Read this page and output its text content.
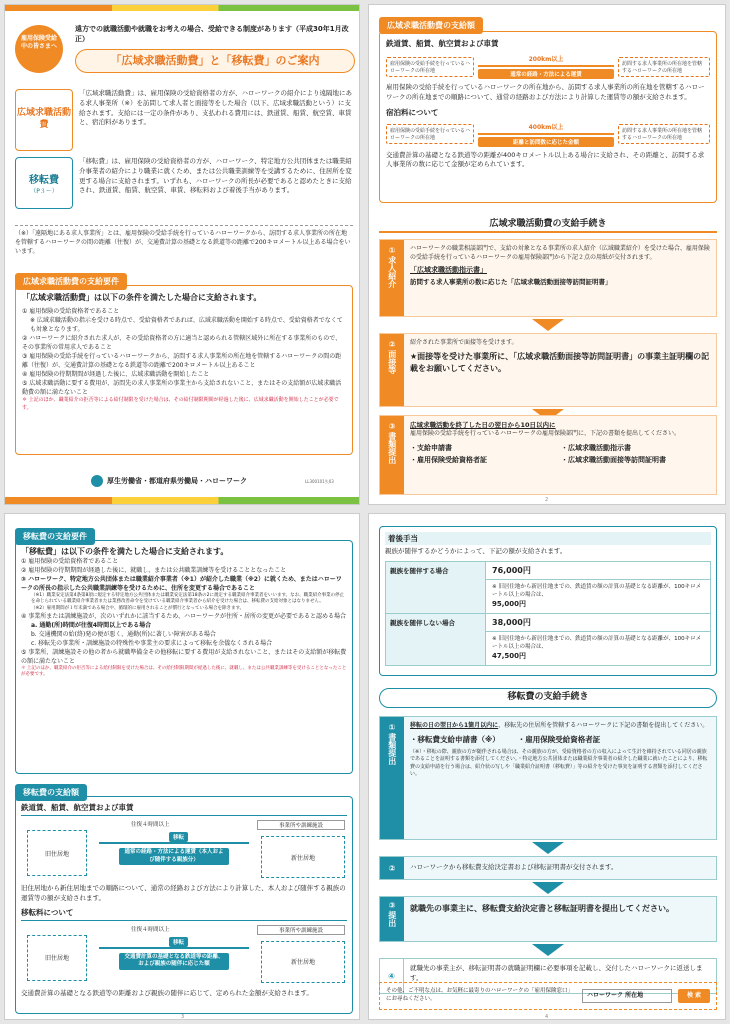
雇用保険受給中の皆さまへ
遠方での就職活動や就職をお考えの場合、受給できる制度があります（平成30年1月改正）
「広域求職活動費」と「移転費」のご案内
広域求職活動費
「広域求職活動費」は、雇用保険の受給資格者の方が、ハローワークの紹介により遠隔地にある求人事業所（※）を訪問して求人者と面接等をした場合（以下、広域求職活動という）に支給されます。支給には一定の条件があり、支払われる費用には、鉄道賃、船賃、航空賃、車賃と、宿泊料があります。
移転費
（P３～）
「移転費」は、雇用保険の受給資格者の方が、ハローワーク、特定地方公共団体または職業紹介事業者の紹介により職業に就くため、または公共職業訓練等を受講するために、住居所を変更する場合に支給されます。いずれも、ハローワークの所長が必要であると認めたときに支給され、鉄道賃、船賃、航空賃、車賃、移転料および着後手当があります。
（※）「遠隔地にある求人事業所」とは、雇用保険の受給手続を行っているハローワークから、訪問する求人事業所の所在地を管轄するハローワークの間の距離（往復）が、交通費計算の基礎となる鉄道等の距離で200キロメートル以上ある場合をいいます。
広域求職活動費の支給要件
「広域求職活動費」は以下の条件を満たした場合に支給されます。
① 雇用保険の受給資格者であること
※ 広域求職活動の指示を受ける時点で、受給資格者であれば、広域求職活動を開始する時点で、受給資格者でなくても対象となります。
② ハローワークに紹介された求人が、その受給資格者の方に適当と認められる管轄区域外に所在する事業所のもので、その事業所の常用求人であること
③ 雇用保険の受給手続を行っているハローワークから、訪問する求人事業所の所在地を管轄するハローワークの間の距離（往復）が、交通費計算の基礎となる鉄道等の距離で200キロメートル以上あること
④ 雇用保険の待期期間が経過した後に、広域求職活動を開始したこと
⑤ 広域求職活動に要する費用が、訪問先の求人事業所の事業主から支給されないこと、またはその支給額が広域求職活動費の額に満たないこと
＊ 上記のほか、職業紹介の拒否等による給付制限を受けた場合は、その給付制限期間が経過した後に、広域求職活動を開始したことが必要です。
厚生労働省・都道府県労働局・ハローワーク	LL300101失03
広域求職活動費の支給額
鉄道賃、船賃、航空賃および車賃
雇用保険の受給手続を行っているハローワークの所在地
200km以上
通常の経路・方法による運賃
訪問する求人事業所の所在地を管轄するハローワークの所在地
雇用保険の受給手続を行っているハローワークの所在地から、訪問する求人事業所の所在地を管轄するハローワークの所在地までの順路について、通常の経路および方法により計算した運賃等の額が支給されます。
宿泊料について
雇用保険の受給手続を行っているハローワークの所在地
400km以上
距離と訪問数に応じた金額
訪問する求人事業所の所在地を管轄するハローワークの所在地
交通費計算の基礎となる鉄道等の距離が400キロメートル以上ある場合に支給され、その距離と、訪問する求人事業所の数に応じて金額が定められています。
広域求職活動費の支給手続き
①
求人紹介
ハローワークの職業相談部門で、支給の対象となる事業所の求人紹介（広域職業紹介）を受けた場合、雇用保険の受給手続を行っているハローワークの雇用保険部門から下記２点の用紙が交付されます。
「広域求職活動指示書」
訪問する求人事業所の数に応じた「広域求職活動面接等訪問証明書」
②
面接等
紹介された事業所で面接等を受けます。
★面接等を受けた事業所に、「広域求職活動面接等訪問証明書」の事業主証明欄の記載をお願いしてください。
③
書類提出
広域求職活動を終了した日の翌日から10日以内に
雇用保険の受給手続を行っているハローワークの雇用保険部門に、下記の書類を提出してください。
・支給申請書	・広域求職活動指示書
・雇用保険受給資格者証	・広域求職活動面接等訪問証明書
2
移転費の支給要件
「移転費」は以下の条件を満たした場合に支給されます。
① 雇用保険の受給資格者であること
② 雇用保険の待期期間が経過した後に、就職し、または公共職業訓練等を受けることとなったこと
③ ハローワーク、特定地方公共団体または職業紹介事業者（※1）が紹介した職業（※2）に就くため、またはハローワークの所長の指示した公共職業訓練等を受けるために、住所を変更する場合であること
（※1）職業安定法第4条第8項に規定する特定地方公共団体または職業安定法第18条の2に規定する職業紹介事業者をいいます。なお、職業紹介事業の停止を命じられている職業紹介事業者または業務改善命令を受けている職業紹介事業者から紹介を受けた場合は、移転費の支給対象とはなりません。
（※2）雇用期間が１年未満である場合や、循環的に雇用されることが慣行となっている場合を除きます。
④ 事業所または訓練施設が、次のいずれかに該当するため、ハローワークが住所・居所の変更が必要であると認める場合
a. 通勤(所)時間が往復4時間以上である場合
b. 交通機関の始(終)発の便が悪く、通勤(所)に著しい障害がある場合
c. 移転先の事業所・訓練施設の特殊性や事業主の要求によって移転を余儀なくされる場合
⑤ 事業所、訓練施設その他の者から就職準備金その他移転に要する費用が支給されないこと、またはその支給額が移転費の額に満たないこと
＊ 上記のほか、職業紹介の拒否等による給付制限を受けた場合は、その給付制限期間が経過した後に、就職し、または公共職業訓練等を受けることとなったことが必要です。
移転費の支給額
鉄道賃、船賃、航空賃および車賃
旧住居地
往復４時間以上	事業所や訓練施設
移転
通常の経路・方法による運賃（本人および随伴する親族分）	新住居地
旧住居地から新住居地までの順路について、通常の経路および方法により計算した、本人および随伴する親族の運賃等の額が支給されます。
移転料について
旧住居地
往復４時間以上	事業所や訓練施設
移転
交通費計算の基礎となる鉄道等の距離、および親族の随伴に応じた額	新住居地
交通費計算の基礎となる鉄道等の距離および親族の随伴に応じて、定められた金額が支給されます。
3
着後手当
親族が随伴するかどうかによって、下記の額が支給されます。
親族を随伴する場合	76,000円
	※ 旧居住地から新居住地までの、鉄道賃の額の計算の基礎となる距離が、100キロメートル以上の場合は、
95,000円
親族を随伴しない場合	38,000円
	※ 旧居住地から新居住地までの、鉄道賃の額の計算の基礎となる距離が、100キロメートル以上の場合は、
47,500円
移転費の支給手続き
①
書類提出
移転の日の翌日から1箇月以内に、移転先の住居所を管轄するハローワークに下記の書類を提出してください。
・移転費支給申請書（※） ・雇用保険受給資格者証
（※）・移転の際、親族の方が随伴される場合は、その親族の方が、受給資格者の方の収入によって生計を維持されている同居の親族であることを証明する書類を添付してください。・特定地方公共団体または職業紹介事業者の紹介した職業に就いたことにより、移転費の支給申請を行う場合は、紹介状の写しや「職業紹介証明書（移転費）」等の紹介を受けた事実を証明する書類を添付してください。
②	ハローワークから移転費支給決定書および移転証明書が交付されます。
③
提出
就職先の事業主に、移転費支給決定書と移転証明書を提出してください。
④
就職先の事業主が、移転証明書の就職証明欄に必要事項を記載し、交付したハローワークに返送します。
その他、ご不明な点は、お気軽に最寄りのハローワークの「雇用保険窓口」にお尋ねください。	ハローワーク 所在地	検 索
4
